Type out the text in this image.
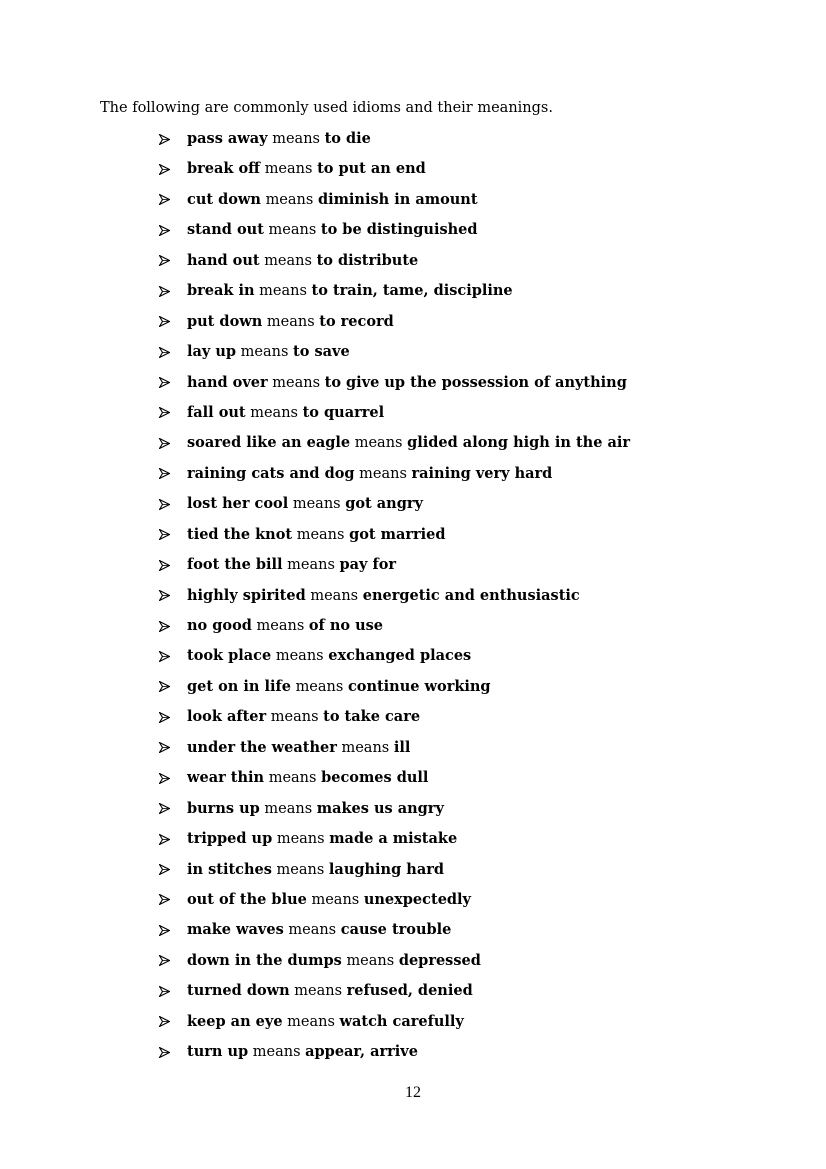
The following are commonly used idioms and their meanings.
pass away means to die
break off means to put an end
cut down means diminish in amount
stand out means to be distinguished
hand out means to distribute
break in means to train, tame, discipline
put down means to record
lay up means to save
hand over means to give up the possession of anything
fall out means to quarrel
soared like an eagle means glided along high in the air
raining cats and dog means raining very hard
lost her cool means got angry
tied the knot means got married
foot the bill means pay for
highly spirited means energetic and enthusiastic
no good means of no use
took place means exchanged places
get on in life means continue working
look after means to take care
under the weather means ill
wear thin means becomes dull
burns up means makes us angry
tripped up means made a mistake
in stitches means laughing hard
out of the blue means unexpectedly
make waves means cause trouble
down in the dumps means depressed
turned down means refused, denied
keep an eye means watch carefully
turn up means appear, arrive
12
